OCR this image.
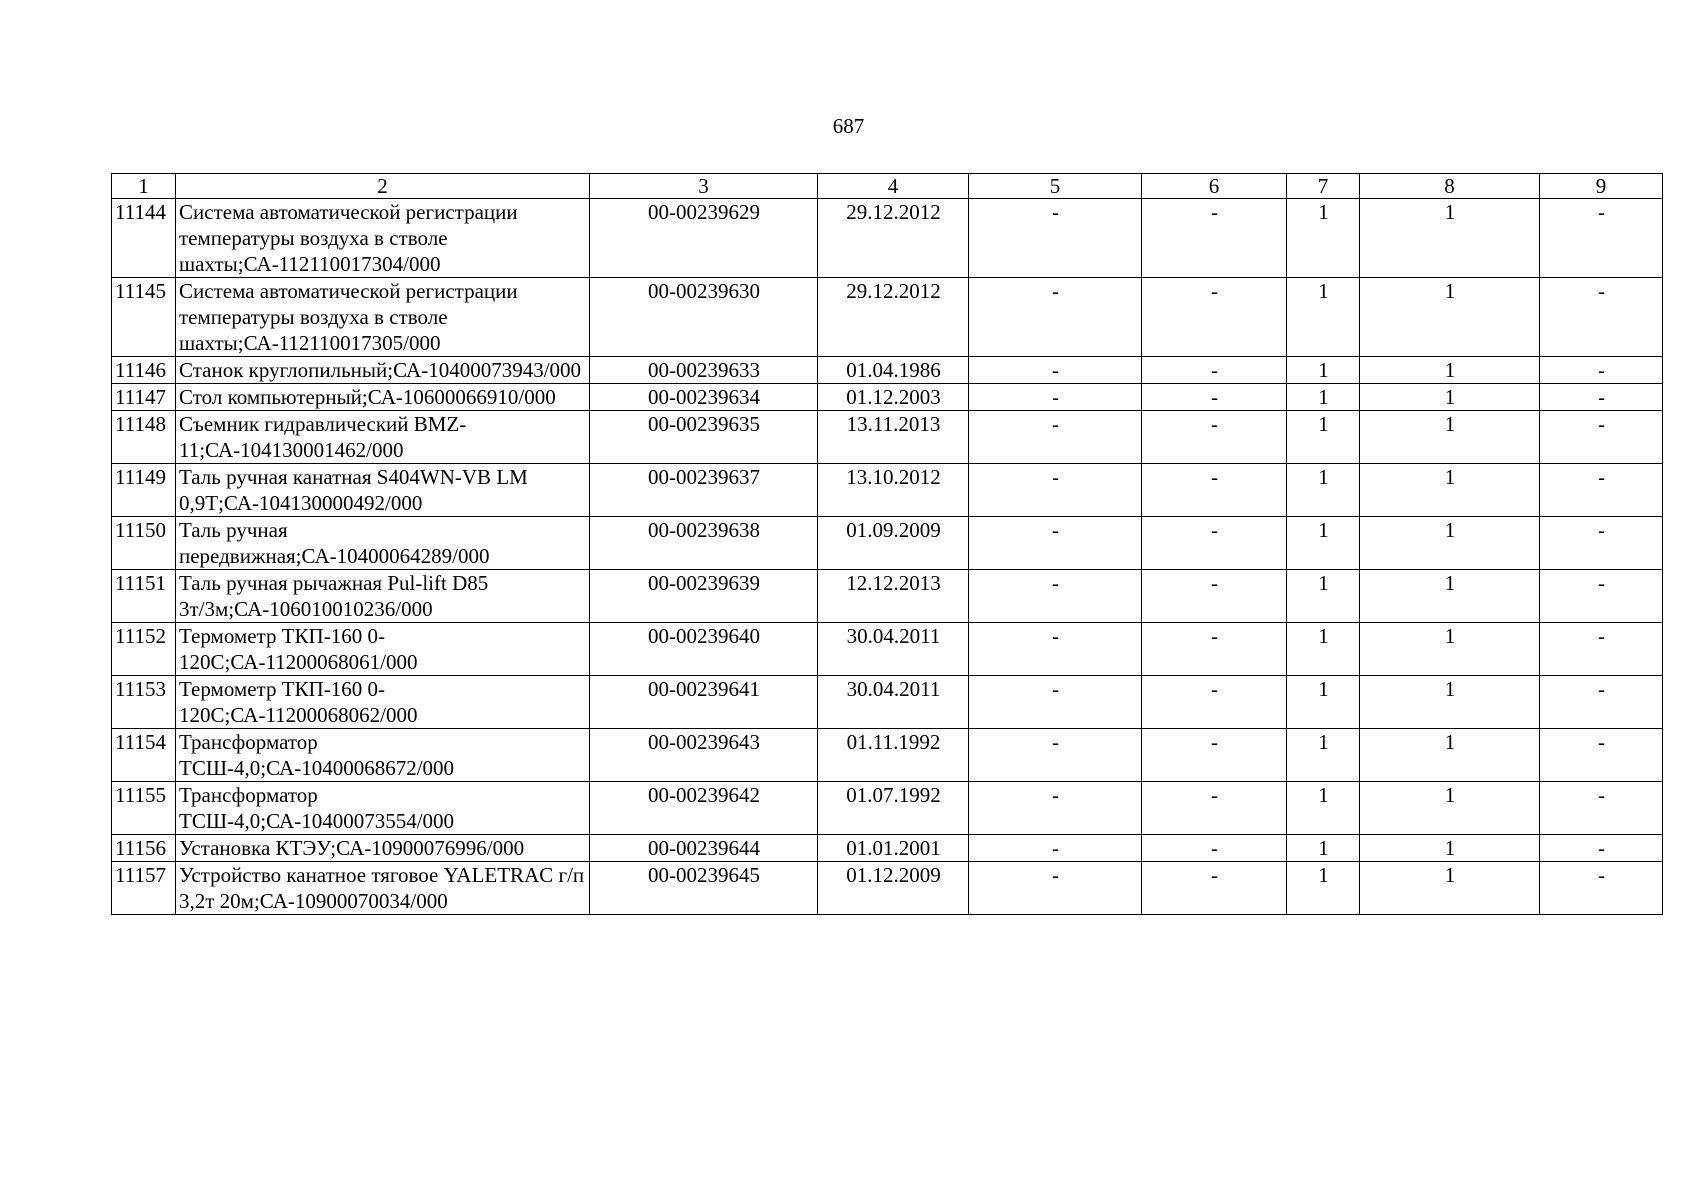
687
1	2	3	4	5	6	7	8	9
11144	Система автоматической регистрации температуры воздуха в стволе шахты;СА-112110017304/000	00-00239629	29.12.2012	-	-	1	1	-
11145	Система автоматической регистрации температуры воздуха в стволе шахты;СА-112110017305/000	00-00239630	29.12.2012	-	-	1	1	-
11146	Станок круглопильный;СА-10400073943/000	00-00239633	01.04.1986	-	-	1	1	-
11147	Стол компьютерный;СА-10600066910/000	00-00239634	01.12.2003	-	-	1	1	-
11148	Съемник гидравлический BMZ-11;СА-104130001462/000	00-00239635	13.11.2013	-	-	1	1	-
11149	Таль ручная канатная S404WN-VB LM 0,9Т;СА-104130000492/000	00-00239637	13.10.2012	-	-	1	1	-
11150	Таль ручная передвижная;СА-10400064289/000	00-00239638	01.09.2009	-	-	1	1	-
11151	Таль ручная рычажная Pul-lift D85 3т/3м;СА-106010010236/000	00-00239639	12.12.2013	-	-	1	1	-
11152	Термометр ТКП-160 0-120С;СА-11200068061/000	00-00239640	30.04.2011	-	-	1	1	-
11153	Термометр ТКП-160 0-120С;СА-11200068062/000	00-00239641	30.04.2011	-	-	1	1	-
11154	Трансформатор ТСШ-4,0;СА-10400068672/000	00-00239643	01.11.1992	-	-	1	1	-
11155	Трансформатор ТСШ-4,0;СА-10400073554/000	00-00239642	01.07.1992	-	-	1	1	-
11156	Установка КТЭУ;СА-10900076996/000	00-00239644	01.01.2001	-	-	1	1	-
11157	Устройство канатное тяговое YALETRAC г/п 3,2т 20м;СА-10900070034/000	00-00239645	01.12.2009	-	-	1	1	-
